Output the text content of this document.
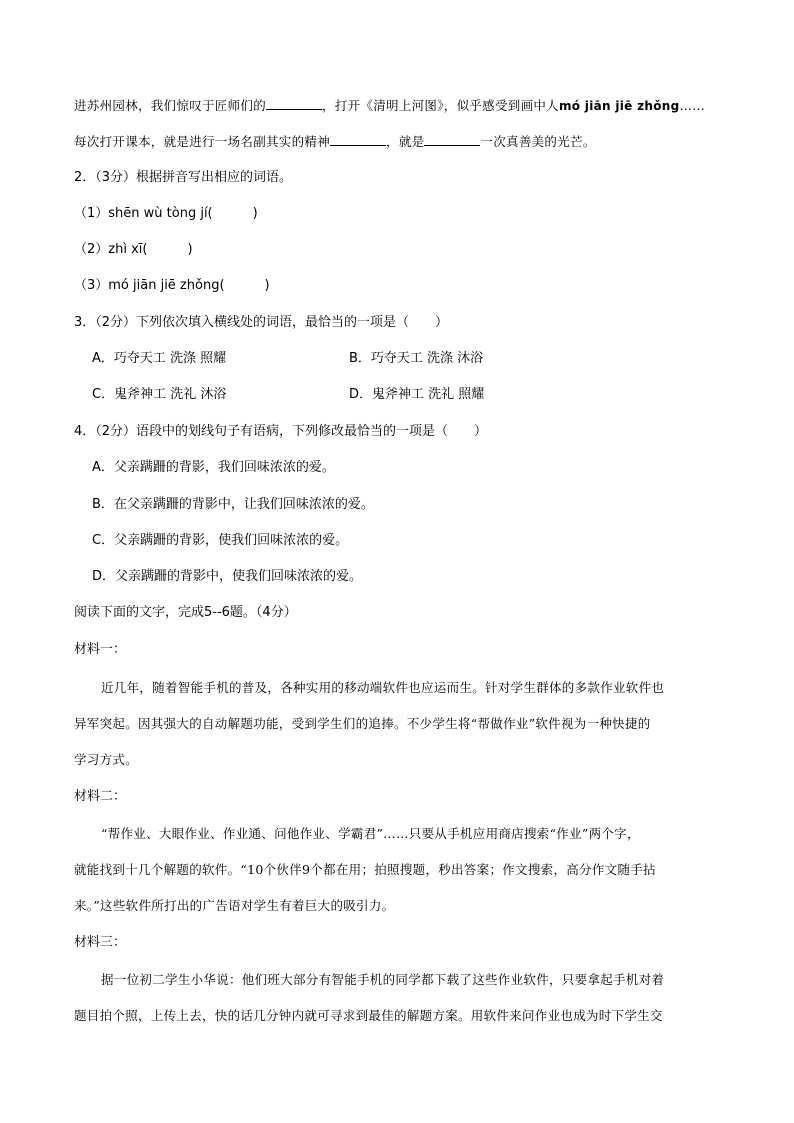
进苏州园林，我们惊叹于匠师们的	，打开《清明上河图》，似乎感受到画中人mó jiān jiē zhǒng……
每次打开课本，就是进行一场名副其实的精神	，就是	一次真善美的光芒。
2．（3分）根据拼音写出相应的词语。
（1）shēn wù tòng jí(	)
（2）zhì xī(	)
（3）mó jiān jiē zhǒng(	)
3．（2分）下列依次填入横线处的词语，最恰当的一项是（　　）
A．巧夺天工 洗涤 照耀	B．巧夺天工 洗涤 沐浴
C．鬼斧神工 洗礼 沐浴	D．鬼斧神工 洗礼 照耀
4．（2分）语段中的划线句子有语病，下列修改最恰当的一项是（　　）
A．父亲蹒跚的背影，我们回味浓浓的爱。
B．在父亲蹒跚的背影中，让我们回味浓浓的爱。
C．父亲蹒跚的背影，使我们回味浓浓的爱。
D．父亲蹒跚的背影中，使我们回味浓浓的爱。
阅读下面的文字，完成5--6题。（4分）
材料一：
近几年，随着智能手机的普及，各种实用的移动端软件也应运而生。针对学生群体的多款作业软件也
异军突起。因其强大的自动解题功能，受到学生们的追捧。不少学生将“帮做作业”软件视为一种快捷的
学习方式。
材料二：
“帮作业、大眼作业、作业通、问他作业、学霸君”……只要从手机应用商店搜索“作业”两个字，
就能找到十几个解题的软件。“10个伙伴9个都在用；拍照搜题，秒出答案；作文搜索，高分作文随手拈
来。”这些软件所打出的广告语对学生有着巨大的吸引力。
材料三：
据一位初二学生小华说：他们班大部分有智能手机的同学都下载了这些作业软件，只要拿起手机对着
题目拍个照，上传上去，快的话几分钟内就可寻求到最佳的解题方案。用软件来问作业也成为时下学生交
